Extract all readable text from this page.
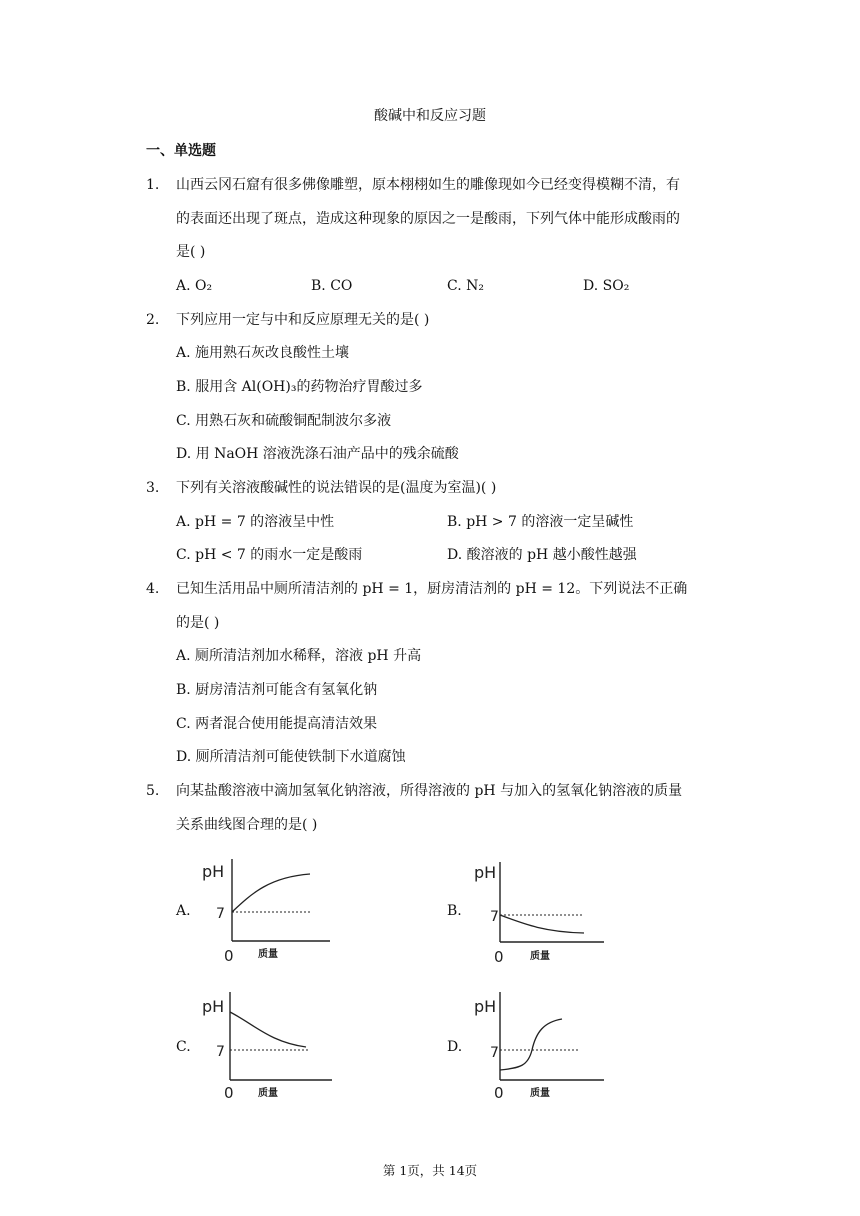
酸碱中和反应习题
一、单选题
1. 山西云冈石窟有很多佛像雕塑，原本栩栩如生的雕像现如今已经变得模糊不清，有
的表面还出现了斑点，造成这种现象的原因之一是酸雨，下列气体中能形成酸雨的
是( )
A. O₂	B. CO	C. N₂	D. SO₂
2. 下列应用一定与中和反应原理无关的是( )
A. 施用熟石灰改良酸性土壤
B. 服用含 Al(OH)₃的药物治疗胃酸过多
C. 用熟石灰和硫酸铜配制波尔多液
D. 用 NaOH 溶液洗涤石油产品中的残余硫酸
3. 下列有关溶液酸碱性的说法错误的是(温度为室温)( )
A. pH = 7 的溶液呈中性	B. pH > 7 的溶液一定呈碱性
C. pH < 7 的雨水一定是酸雨	D. 酸溶液的 pH 越小酸性越强
4. 已知生活用品中厕所清洁剂的 pH = 1，厨房清洁剂的 pH = 12。下列说法不正确
的是( )
A. 厕所清洁剂加水稀释，溶液 pH 升高
B. 厨房清洁剂可能含有氢氧化钠
C. 两者混合使用能提高清洁效果
D. 厕所清洁剂可能使铁制下水道腐蚀
5. 向某盐酸溶液中滴加氢氧化钠溶液，所得溶液的 pH 与加入的氢氧化钠溶液的质量
关系曲线图合理的是( )
A.	B.
C.	D.
pH
7
0 质量
pH
7
0	质量
pH
7
0 质量
pH
7
0	质量
第 1页，共 14页
